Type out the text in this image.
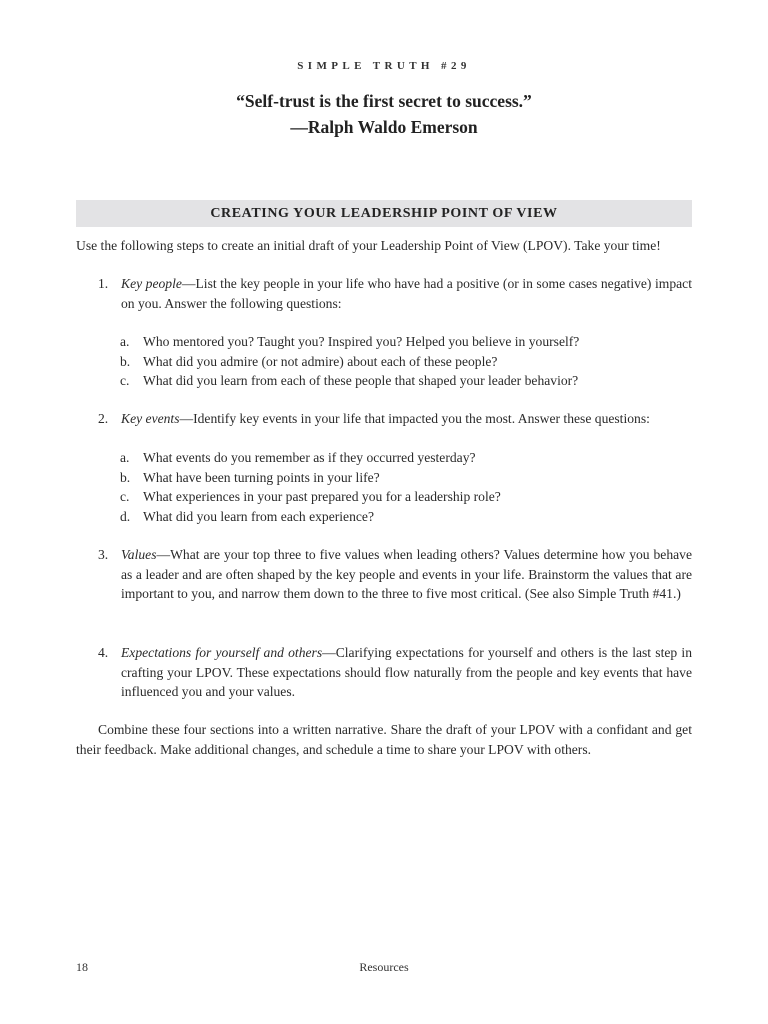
SIMPLE TRUTH #29
“Self-trust is the first secret to success.”
—Ralph Waldo Emerson
CREATING YOUR LEADERSHIP POINT OF VIEW
Use the following steps to create an initial draft of your Leadership Point of View (LPOV). Take your time!
1. Key people—List the key people in your life who have had a positive (or in some cases negative) impact on you. Answer the following questions:
a. Who mentored you? Taught you? Inspired you? Helped you believe in yourself?
b. What did you admire (or not admire) about each of these people?
c. What did you learn from each of these people that shaped your leader behavior?
2. Key events—Identify key events in your life that impacted you the most. Answer these questions:
a. What events do you remember as if they occurred yesterday?
b. What have been turning points in your life?
c. What experiences in your past prepared you for a leadership role?
d. What did you learn from each experience?
3. Values—What are your top three to five values when leading others? Values determine how you behave as a leader and are often shaped by the key people and events in your life. Brainstorm the values that are important to you, and narrow them down to the three to five most critical. (See also Simple Truth #41.)
4. Expectations for yourself and others—Clarifying expectations for yourself and others is the last step in crafting your LPOV. These expectations should flow naturally from the people and key events that have influenced you and your values.
Combine these four sections into a written narrative. Share the draft of your LPOV with a confidant and get their feedback. Make additional changes, and schedule a time to share your LPOV with others.
18	Resources
